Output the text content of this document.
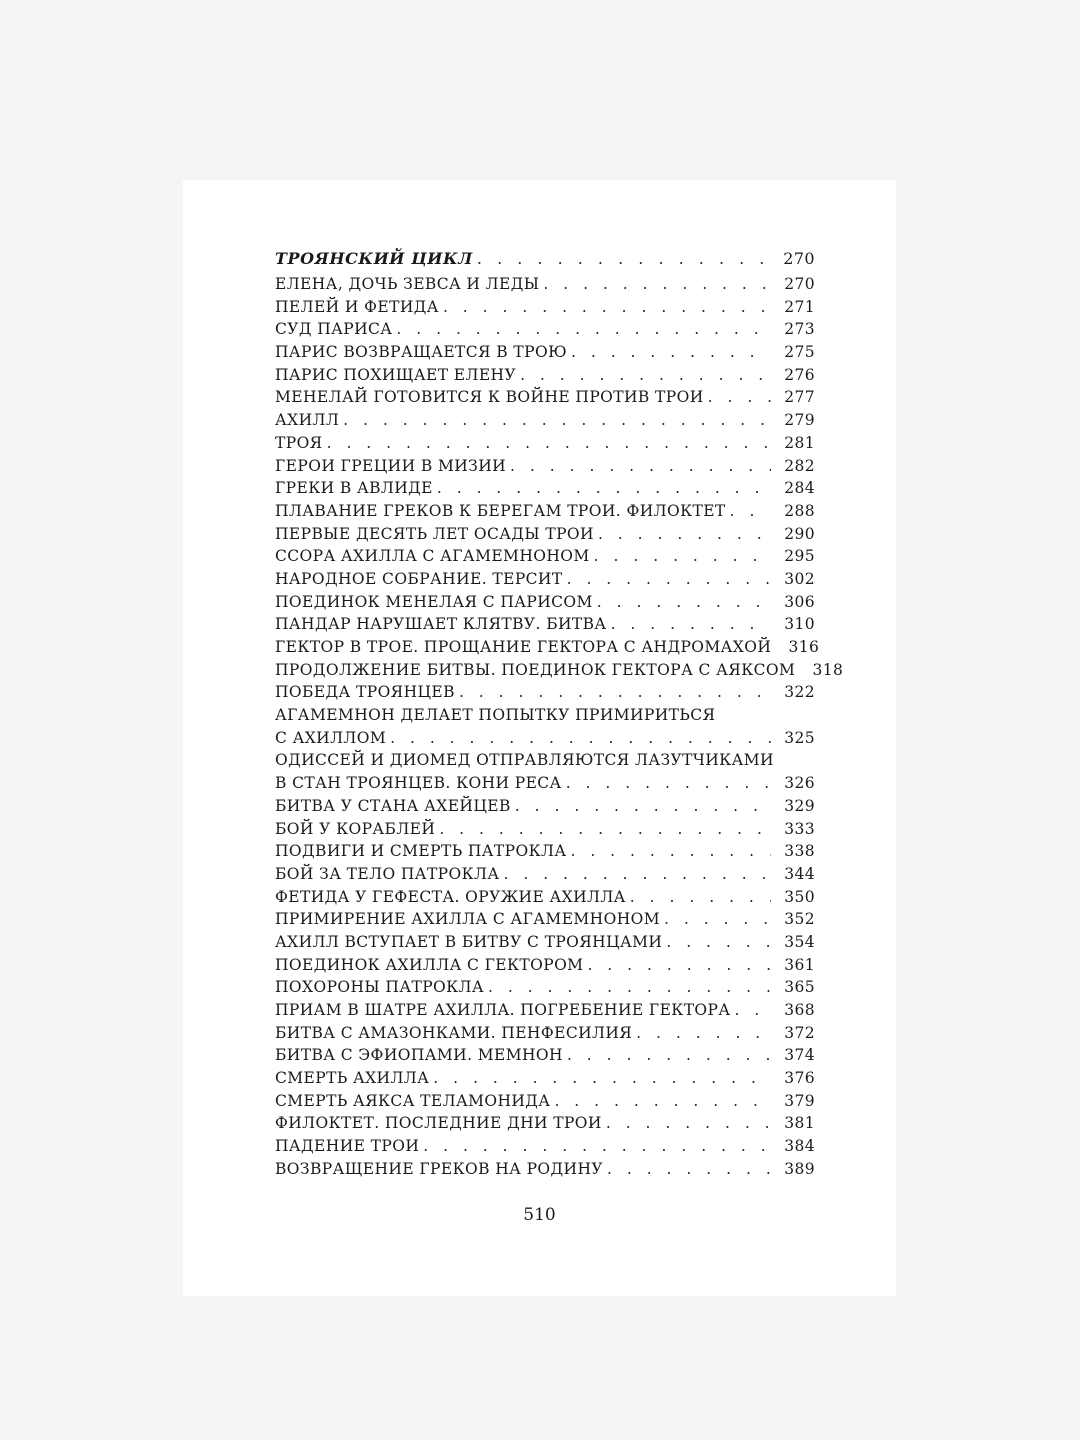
ТРОЯНСКИЙ ЦИКЛ . . .	270
ЕЛЕНА, ДОЧЬ ЗЕВСА И ЛЕДЫ . . .	270
ПЕЛЕЙ И ФЕТИДА . . .	271
СУД ПАРИСА . . .	273
ПАРИС ВОЗВРАЩАЕТСЯ В ТРОЮ . . .	275
ПАРИС ПОХИЩАЕТ ЕЛЕНУ . . .	276
МЕНЕЛАЙ ГОТОВИТСЯ К ВОЙНЕ ПРОТИВ ТРОИ . . .	277
АХИЛЛ . . .	279
ТРОЯ . . .	281
ГЕРОИ ГРЕЦИИ В МИЗИИ . . .	282
ГРЕКИ В АВЛИДЕ . . .	284
ПЛАВАНИЕ ГРЕКОВ К БЕРЕГАМ ТРОИ. ФИЛОКТЕТ . . .	288
ПЕРВЫЕ ДЕСЯТЬ ЛЕТ ОСАДЫ ТРОИ . . .	290
ССОРА АХИЛЛА С АГАМЕМНОНОМ . . .	295
НАРОДНОЕ СОБРАНИЕ. ТЕРСИТ . . .	302
ПОЕДИНОК МЕНЕЛАЯ С ПАРИСОМ . . .	306
ПАНДАР НАРУШАЕТ КЛЯТВУ. БИТВА . . .	310
ГЕКТОР В ТРОЕ. ПРОЩАНИЕ ГЕКТОРА С АНДРОМАХОЙ	316
ПРОДОЛЖЕНИЕ БИТВЫ. ПОЕДИНОК ГЕКТОРА С АЯКСОМ	318
ПОБЕДА ТРОЯНЦЕВ . . .	322
АГАМЕМНОН ДЕЛАЕТ ПОПЫТКУ ПРИМИРИТЬСЯ
С АХИЛЛОМ . . .	325
ОДИССЕЙ И ДИОМЕД ОТПРАВЛЯЮТСЯ ЛАЗУТЧИКАМИ
В СТАН ТРОЯНЦЕВ. КОНИ РЕСА . . .	326
БИТВА У СТАНА АХЕЙЦЕВ . . .	329
БОЙ У КОРАБЛЕЙ . . .	333
ПОДВИГИ И СМЕРТЬ ПАТРОКЛА . . .	338
БОЙ ЗА ТЕЛО ПАТРОКЛА . . .	344
ФЕТИДА У ГЕФЕСТА. ОРУЖИЕ АХИЛЛА . . .	350
ПРИМИРЕНИЕ АХИЛЛА С АГАМЕМНОНОМ . . .	352
АХИЛЛ ВСТУПАЕТ В БИТВУ С ТРОЯНЦАМИ . . .	354
ПОЕДИНОК АХИЛЛА С ГЕКТОРОМ . . .	361
ПОХОРОНЫ ПАТРОКЛА . . .	365
ПРИАМ В ШАТРЕ АХИЛЛА. ПОГРЕБЕНИЕ ГЕКТОРА . . .	368
БИТВА С АМАЗОНКАМИ. ПЕНФЕСИЛИЯ . . .	372
БИТВА С ЭФИОПАМИ. МЕМНОН . . .	374
СМЕРТЬ АХИЛЛА . . .	376
СМЕРТЬ АЯКСА ТЕЛАМОНИДА . . .	379
ФИЛОКТЕТ. ПОСЛЕДНИЕ ДНИ ТРОИ . . .	381
ПАДЕНИЕ ТРОИ . . .	384
ВОЗВРАЩЕНИЕ ГРЕКОВ НА РОДИНУ . . .	389
510
